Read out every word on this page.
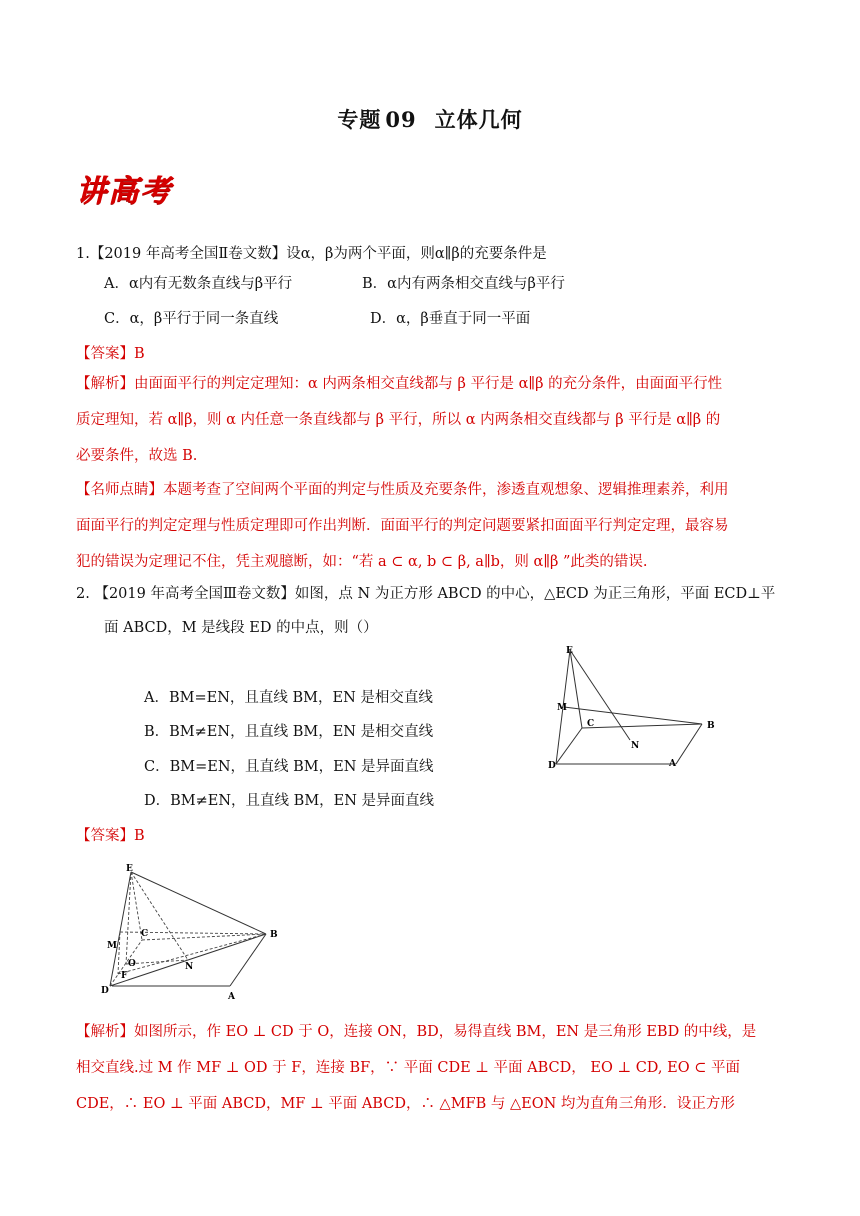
专题 09 立体几何
讲高考
1.【2019 年高考全国Ⅱ卷文数】设α，β为两个平面，则α∥β的充要条件是
A．α内有无数条直线与β平行	B．α内有两条相交直线与β平行
C．α，β平行于同一条直线	D．α，β垂直于同一平面
【答案】B
【解析】由面面平行的判定定理知：α 内两条相交直线都与 β 平行是 α∥β 的充分条件，由面面平行性
质定理知，若 α∥β，则 α 内任意一条直线都与 β 平行，所以 α 内两条相交直线都与 β 平行是 α∥β 的
必要条件，故选 B.
【名师点睛】本题考查了空间两个平面的判定与性质及充要条件，渗透直观想象、逻辑推理素养，利用
面面平行的判定定理与性质定理即可作出判断．面面平行的判定问题要紧扣面面平行判定定理，最容易
犯的错误为定理记不住，凭主观臆断，如：“若 a ⊂ α, b ⊂ β, a∥b，则 α∥β ”此类的错误.
2. 【2019 年高考全国Ⅲ卷文数】如图，点 N 为正方形 ABCD 的中心，△ECD 为正三角形，平面 ECD⊥平
面 ABCD，M 是线段 ED 的中点，则（）
A．BM=EN，且直线 BM，EN 是相交直线
B．BM≠EN，且直线 BM，EN 是相交直线
C．BM=EN，且直线 BM，EN 是异面直线
D．BM≠EN，且直线 BM，EN 是异面直线
E
M
C
N
B
D	A
【答案】B
E
M
C
O
F
N
B
D
A
【解析】如图所示，作 EO ⊥ CD 于 O，连接 ON，BD，易得直线 BM，EN 是三角形 EBD 的中线，是
相交直线.过 M 作 MF ⊥ OD 于 F，连接 BF，∵ 平面 CDE ⊥ 平面 ABCD， EO ⊥ CD, EO ⊂ 平面
CDE，∴ EO ⊥ 平面 ABCD，MF ⊥ 平面 ABCD，∴ △MFB 与 △EON 均为直角三角形．设正方形
